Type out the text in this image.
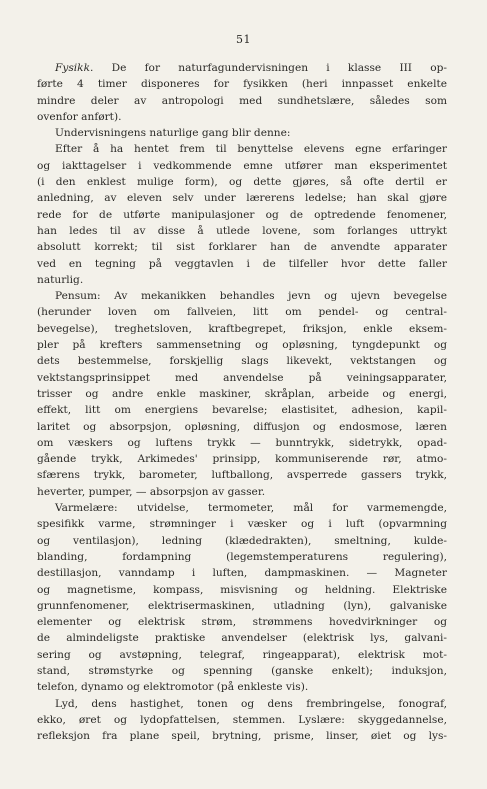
51
Fysikk. De for naturfagundervisningen i klasse III op-
førte 4 timer disponeres for fysikken (heri innpasset enkelte
mindre deler av antropologi med sundhetslære, således som
ovenfor anført).
Undervisningens naturlige gang blir denne:
Efter å ha hentet frem til benyttelse elevens egne erfaringer
og iakttagelser i vedkommende emne utfører man eksperimentet
(i den enklest mulige form), og dette gjøres, så ofte dertil er
anledning, av eleven selv under lærerens ledelse; han skal gjøre
rede for de utførte manipulasjoner og de optredende fenomener,
han ledes til av disse å utlede lovene, som forlanges uttrykt
absolutt korrekt; til sist forklarer han de anvendte apparater
ved en tegning på veggtavlen i de tilfeller hvor dette faller
naturlig.
Pensum: Av mekanikken behandles jevn og ujevn bevegelse
(herunder loven om fallveien, litt om pendel- og central-
bevegelse), treghetsloven, kraftbegrepet, friksjon, enkle eksem-
pler på krefters sammensetning og opløsning, tyngdepunkt og
dets bestemmelse, forskjellig slags likevekt, vektstangen og
vektstangsprinsippet med anvendelse på veiningsapparater,
trisser og andre enkle maskiner, skråplan, arbeide og energi,
effekt, litt om energiens bevarelse; elastisitet, adhesion, kapil-
laritet og absorpsjon, opløsning, diffusjon og endosmose, læren
om væskers og luftens trykk — bunntrykk, sidetrykk, opad-
gående trykk, Arkimedes' prinsipp, kommuniserende rør, atmo-
sfærens trykk, barometer, luftballong, avsperrede gassers trykk,
heverter, pumper, — absorpsjon av gasser.
Varmelære: utvidelse, termometer, mål for varmemengde,
spesifikk varme, strømninger i væsker og i luft (opvarmning
og ventilasjon), ledning (klædedrakten), smeltning, kulde-
blanding, fordampning (legemstemperaturens regulering),
destillasjon, vanndamp i luften, dampmaskinen. — Magneter
og magnetisme, kompass, misvisning og heldning. Elektriske
grunnfenomener, elektrisermaskinen, utladning (lyn), galvaniske
elementer og elektrisk strøm, strømmens hovedvirkninger og
de almindeligste praktiske anvendelser (elektrisk lys, galvani-
sering og avstøpning, telegraf, ringeapparat), elektrisk mot-
stand, strømstyrke og spenning (ganske enkelt); induksjon,
telefon, dynamo og elektromotor (på enkleste vis).
Lyd, dens hastighet, tonen og dens frembringelse, fonograf,
ekko, øret og lydopfattelsen, stemmen. Lyslære: skyggedannelse,
refleksjon fra plane speil, brytning, prisme, linser, øiet og lys-
